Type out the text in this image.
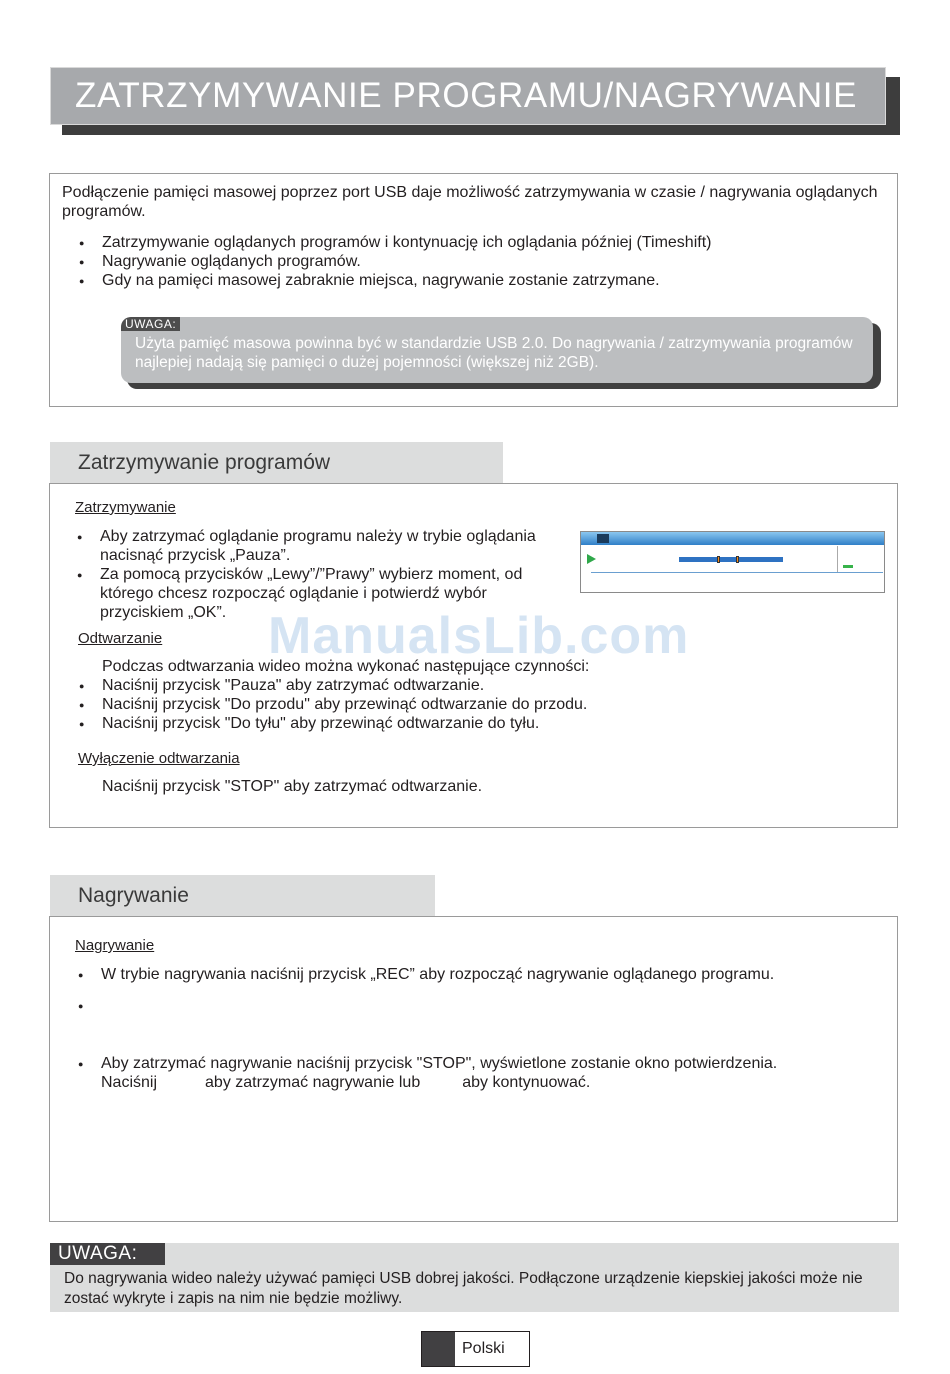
ZATRZYMYWANIE PROGRAMU/NAGRYWANIE

Podłączenie pamięci masowej poprzez port USB daje możliwość zatrzymywania w czasie / nagrywania oglądanych programów.

● Zatrzymywanie oglądanych programów i kontynuację ich oglądania później (Timeshift)
● Nagrywanie oglądanych programów.
● Gdy na pamięci masowej zabraknie miejsca, nagrywanie zostanie zatrzymane.
UWAGA:

Użyta pamięć masowa powinna być w standardzie USB 2.0. Do nagrywania / zatrzymywania programów najlepiej nadają się pamięci o dużej pojemności (większej niż 2GB).

Zatrzymywanie programów
Zatrzymywanie
● Aby zatrzymać oglądanie programu należy w trybie oglądania nacisnąć przycisk „Pauza”.
● Za pomocą przycisków „Lewy”/”Prawy” wybierz moment, od którego chcesz rozpocząć oglądanie i potwierdź wybór przyciskiem „OK”.
Odtwarzanie
Podczas odtwarzania wideo można wykonać następujące czynności:
● Naciśnij przycisk "Pauza" aby zatrzymać odtwarzanie.
● Naciśnij przycisk "Do przodu" aby przewinąć odtwarzanie do przodu.
● Naciśnij przycisk "Do tyłu" aby przewinąć odtwarzanie do tyłu.
Wyłączenie odtwarzania
Naciśnij przycisk "STOP" aby zatrzymać odtwarzanie.
ManualsLib.com
Nagrywanie
Nagrywanie
● W trybie nagrywania naciśnij przycisk „REC” aby rozpocząć nagrywanie oglądanego programu.
●
● Aby zatrzymać nagrywanie naciśnij przycisk "STOP", wyświetlone zostanie okno potwierdzenia.
Naciśnij	aby zatrzymać nagrywanie lub	aby kontynuować.
UWAGA:

Do nagrywania wideo należy używać pamięci USB dobrej jakości. Podłączone urządzenie kiepskiej jakości może nie zostać wykryte i zapis na nim nie będzie możliwy.

Polski
